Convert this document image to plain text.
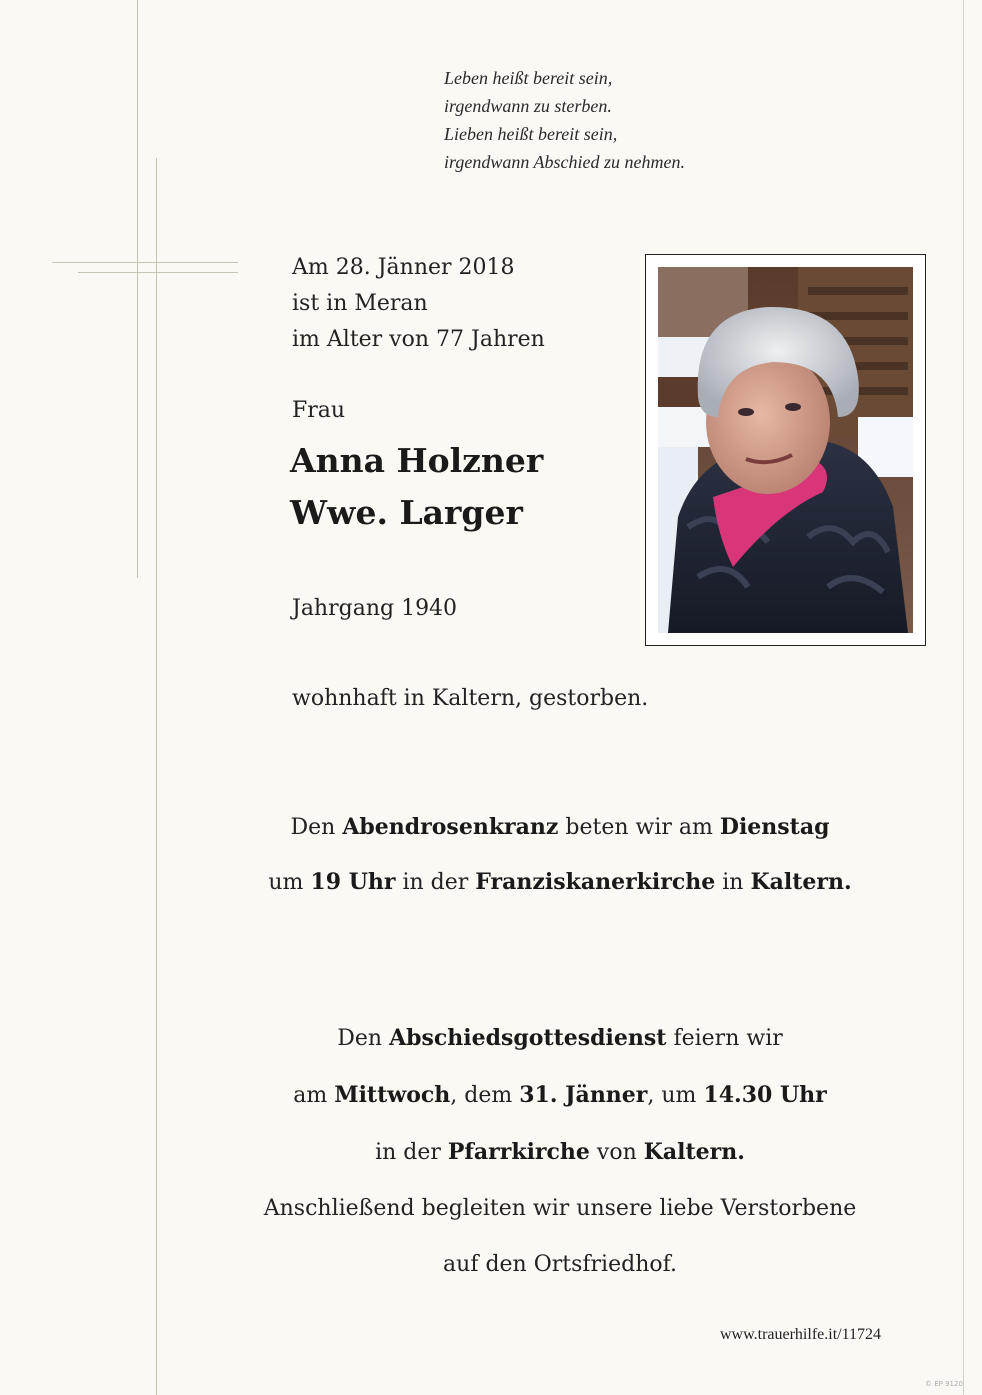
Leben heißt bereit sein,
irgendwann zu sterben.
Lieben heißt bereit sein,
irgendwann Abschied zu nehmen.
Am 28. Jänner 2018
ist in Meran
im Alter von 77 Jahren
Frau
Anna Holzner
Wwe. Larger
Jahrgang 1940
wohnhaft in Kaltern, gestorben.
Den Abendrosenkranz beten wir am Dienstag
um 19 Uhr in der Franziskanerkirche in Kaltern.
Den Abschiedsgottesdienst feiern wir
am Mittwoch, dem 31. Jänner, um 14.30 Uhr
in der Pfarrkirche von Kaltern.
Anschließend begleiten wir unsere liebe Verstorbene
auf den Ortsfriedhof.
www.trauerhilfe.it/11724
© EP 9120
